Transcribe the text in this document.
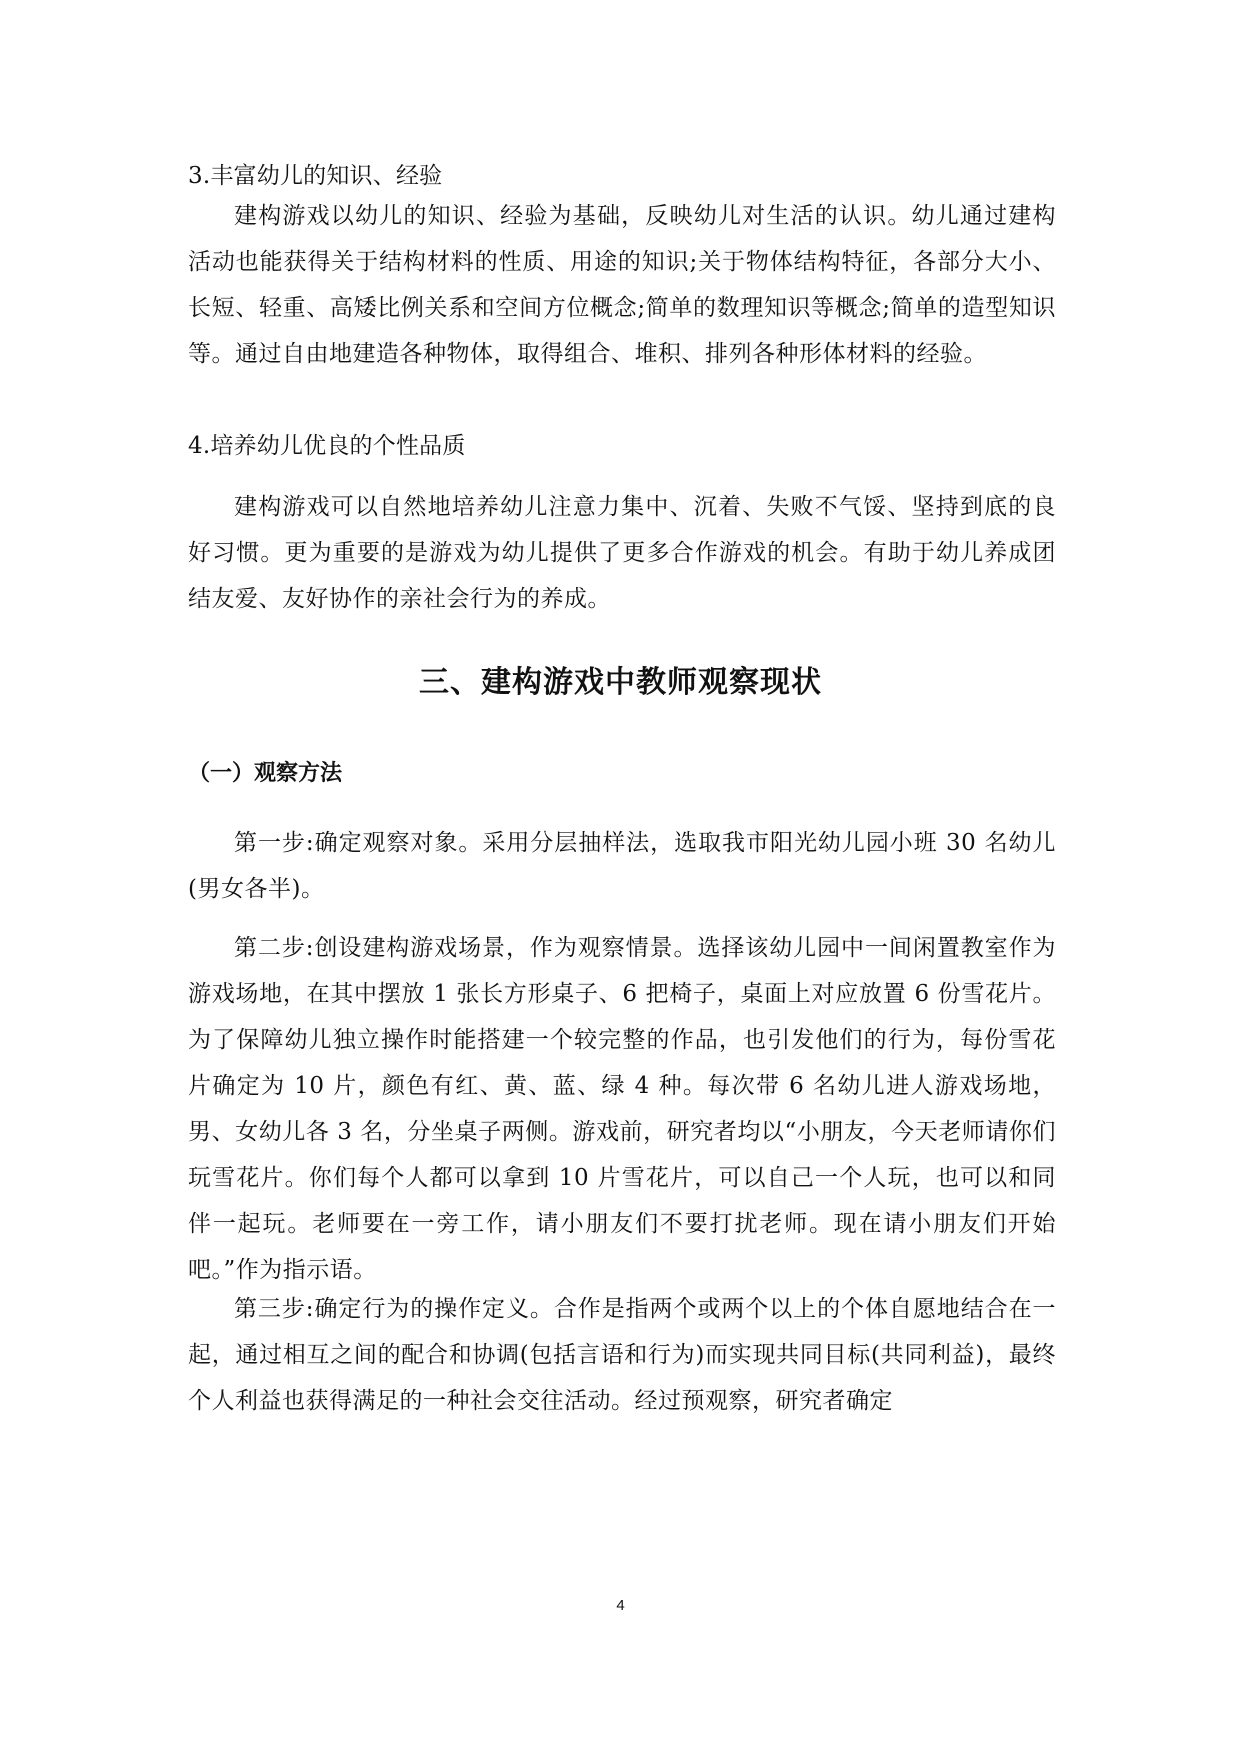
3.丰富幼儿的知识、经验

建构游戏以幼儿的知识、经验为基础，反映幼儿对生活的认识。幼儿通过建构活动也能获得关于结构材料的性质、用途的知识;关于物体结构特征，各部分大小、长短、轻重、高矮比例关系和空间方位概念;简单的数理知识等概念;简单的造型知识等。通过自由地建造各种物体，取得组合、堆积、排列各种形体材料的经验。

4.培养幼儿优良的个性品质

建构游戏可以自然地培养幼儿注意力集中、沉着、失败不气馁、坚持到底的良好习惯。更为重要的是游戏为幼儿提供了更多合作游戏的机会。有助于幼儿养成团结友爱、友好协作的亲社会行为的养成。

三、建构游戏中教师观察现状
（一）观察方法

第一步:确定观察对象。采用分层抽样法，选取我市阳光幼儿园小班 30 名幼儿(男女各半)。

第二步:创设建构游戏场景，作为观察情景。选择该幼儿园中一间闲置教室作为游戏场地，在其中摆放 1 张长方形桌子、6 把椅子，桌面上对应放置 6 份雪花片。为了保障幼儿独立操作时能搭建一个较完整的作品，也引发他们的行为，每份雪花片确定为 10 片，颜色有红、黄、蓝、绿 4 种。每次带 6 名幼儿进人游戏场地，男、女幼儿各 3 名，分坐桌子两侧。游戏前，研究者均以“小朋友，今天老师请你们玩雪花片。你们每个人都可以拿到 10 片雪花片，可以自己一个人玩，也可以和同伴一起玩。老师要在一旁工作，请小朋友们不要打扰老师。现在请小朋友们开始吧。”作为指示语。

第三步:确定行为的操作定义。合作是指两个或两个以上的个体自愿地结合在一起，通过相互之间的配合和协调(包括言语和行为)而实现共同目标(共同利益)，最终个人利益也获得满足的一种社会交往活动。经过预观察，研究者确定

4
